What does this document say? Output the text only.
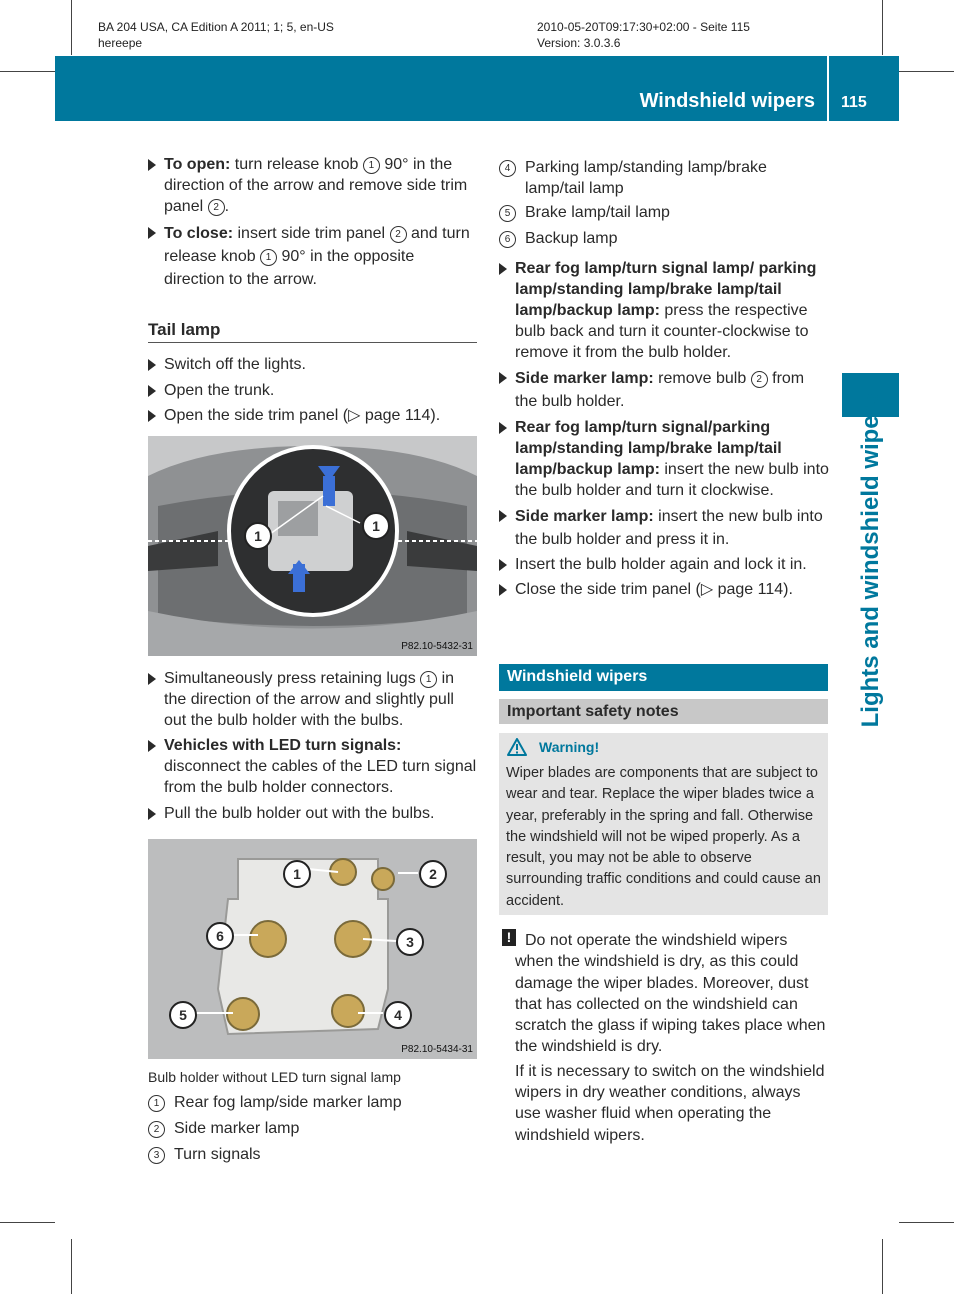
BA 204 USA, CA Edition A 2011; 1; 5, en-US
hereepe
2010-05-20T09:17:30+02:00 - Seite 115
Version: 3.0.3.6
Windshield wipers 115
Lights and windshield wipers

To open: turn release knob 1 90° in the direction of the arrow and remove side trim panel 2 .

To close: insert side trim panel 2 and turn release knob 1 90° in the opposite direction to the arrow.

Tail lamp

Switch off the lights.

Open the trunk.

Open the side trim panel (▷ page 114).

1
1
P82.10-5432-31

Simultaneously press retaining lugs 1 in the direction of the arrow and slightly pull out the bulb holder with the bulbs.

Vehicles with LED turn signals: disconnect the cables of the LED turn signal from the bulb holder connectors.

Pull the bulb holder out with the bulbs.

1	2
3
4
5
6
P82.10-5434-31
Bulb holder without LED turn signal lamp

1 Rear fog lamp/side marker lamp

2 Side marker lamp

3 Turn signals

4 Parking lamp/standing lamp/brake lamp/tail lamp

5 Brake lamp/tail lamp

6 Backup lamp

Rear fog lamp/turn signal lamp/ parking lamp/standing lamp/brake lamp/tail lamp/backup lamp: press the respective bulb back and turn it counter-clockwise to remove it from the bulb holder.

Side marker lamp: remove bulb 2 from the bulb holder.

Rear fog lamp/turn signal/parking lamp/standing lamp/brake lamp/tail lamp/backup lamp: insert the new bulb into the bulb holder and turn it clockwise.

Side marker lamp: insert the new bulb into the bulb holder and press it in.

Insert the bulb holder again and lock it in.

Close the side trim panel (▷ page 114).

Windshield wipers
Important safety notes
Warning!
Wiper blades are components that are subject to wear and tear. Replace the wiper blades twice a year, preferably in the spring and fall. Otherwise the windshield will not be wiped properly. As a result, you may not be able to observe surrounding traffic conditions and could cause an accident.
! Do not operate the windshield wipers when the windshield is dry, as this could damage the wiper blades. Moreover, dust that has collected on the windshield can scratch the glass if wiping takes place when the windshield is dry.

If it is necessary to switch on the windshield wipers in dry weather conditions, always use washer fluid when operating the windshield wipers.
